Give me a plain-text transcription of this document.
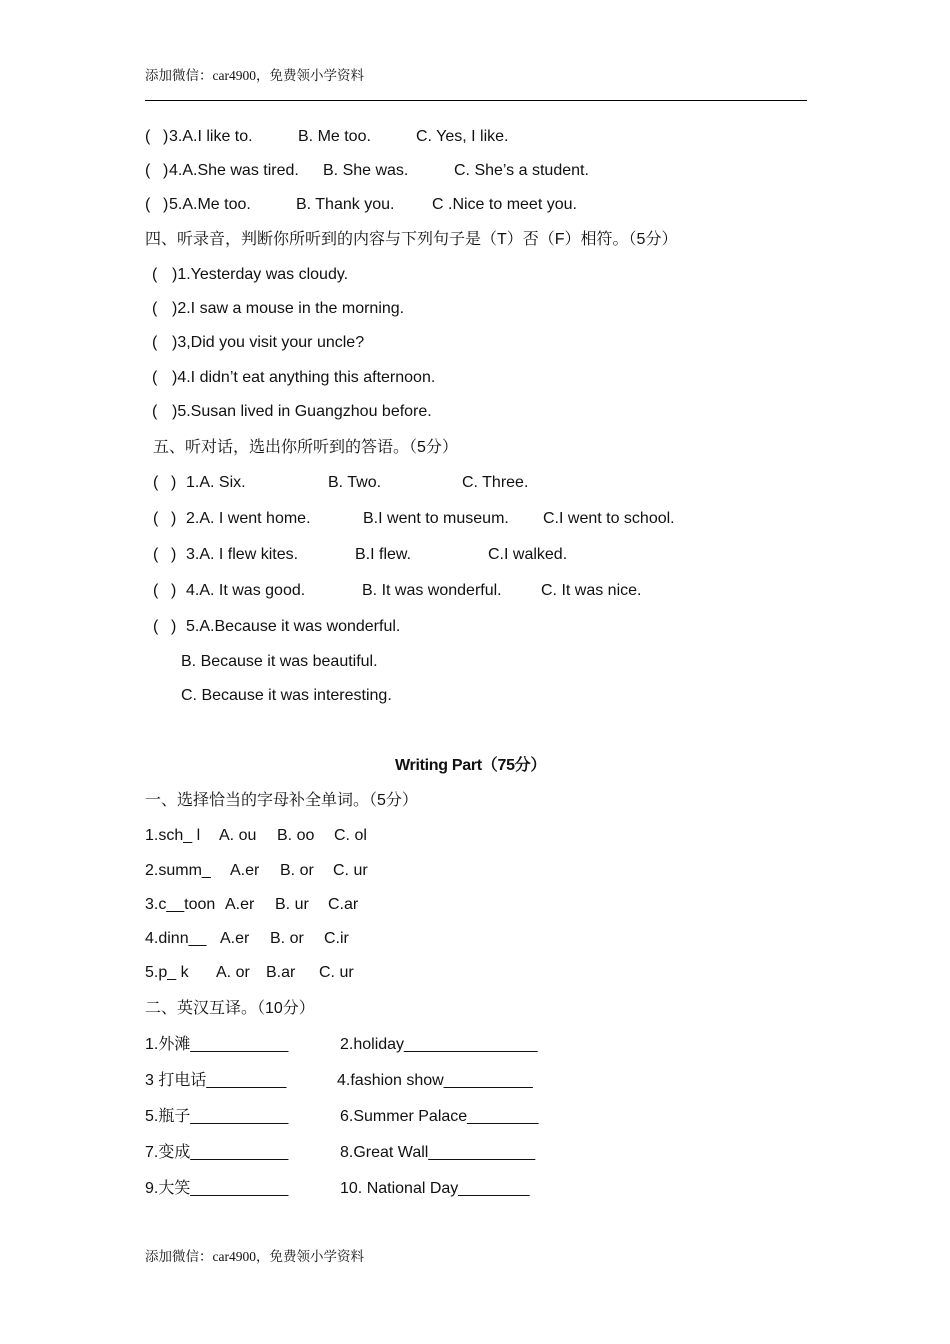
添加微信：car4900，免费领小学资料
( ) 3.A.I like to.	B. Me too.	C. Yes, I like.
( ) 4.A.She was tired. B. She was.	C. She’s a student.
( ) 5.A.Me too.	B. Thank you. C .Nice to meet you.
四、听录音，判断你所听到的内容与下列句子是（T）否（F）相符。（5分）
( )1.Yesterday was cloudy.
( )2.I saw a mouse in the morning.
( )3,Did you visit your uncle?
( )4.I didn’t eat anything this afternoon.
( )5.Susan lived in Guangzhou before.
五、听对话，选出你所听到的答语。（5分）
( ) 1.A. Six.	B. Two.	C. Three.
( ) 2.A. I went home.	B.I went to museum. C.I went to school.
( ) 3.A. I flew kites.	B.I flew.	C.I walked.
( ) 4.A. It was good.	B. It was wonderful. C. It was nice.
( ) 5.A.Because it was wonderful.
B. Because it was beautiful.
C. Because it was interesting.
Writing Part（75分）
一、选择恰当的字母补全单词。（5分）
1.sch_ l A. ou B. oo C. ol
2.summ_ A.er B. or C. ur
3.c__toon A.er B. ur C.ar
4.dinn__ A.er B. or C.ir
5.p_ k A. or B.ar C. ur
二、英汉互译。（10分）
1.外滩___________	2.holiday_______________
3 打电话_________	4.fashion show__________
5.瓶子___________	6.Summer Palace________
7.变成___________	8.Great Wall____________
9.大笑___________	10. National Day________
添加微信：car4900，免费领小学资料
